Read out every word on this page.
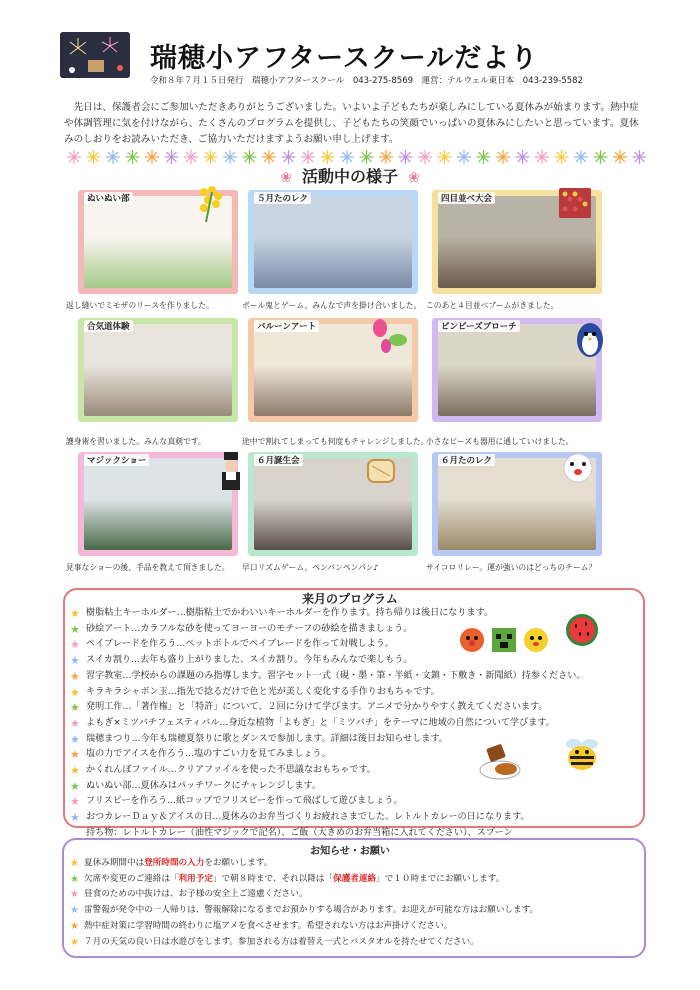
瑞穂小アフタースクールだより
令和８年７月１５日発行　瑞穂小アフタースクール　043-275-8569　運営：テルウェル東日本　043-239-5582
　先日は、保護者会にご参加いただきありがとうございました。いよいよ子どもたちが楽しみにしている夏休みが始まります。熱中症や体調管理に気を付けながら、たくさんのプログラムを提供し、子どもたちの笑顔でいっぱいの夏休みにしたいと思っています。夏休みのしおりをお読みいただき、ご協力いただけますようお願い申し上げます。
❀ 活動中の様子 ❀
ぬいぬい部
返し縫いでミモザのリースを作りました。
５月たのレク
ボール鬼とゲーム。みんなで声を掛け合いました。
四目並べ大会
このあと４目並べブームがきました。
合気道体験
護身術を習いました。みんな真剣です。
バルーンアート
途中で割れてしまっても何度もチャレンジしました。
ビンビーズブローチ
小さなビーズも器用に通していけました。
マジックショー
見事なショーの後、手品を教えて頂きました。
６月誕生会
早口リズムゲーム。ペンパンペンパン♪
６月たのレク
サイコロリレー。運が強いのはどっちのチーム？
来月のプログラム
★ 樹脂粘土キーホルダー…樹脂粘土でかわいいキーホルダーを作ります。持ち帰りは後日になります。
★ 砂絵アート…カラフルな砂を使ってヨーヨーのモチーフの砂絵を描きましょう。
★ ペイブレードを作ろう…ペットボトルでペイブレードを作って対戦しよう。
★ スイカ割り…去年も盛り上がりました、スイカ割り。今年もみんなで楽しもう。
★ 習字教室…学校からの課題のみ指導します。習字セット一式（硯・墨・筆・半紙・文鎮・下敷き・新聞紙）持参ください。
★ キラキラシャボン玉…指先で捻るだけで色と光が美しく変化する手作りおもちゃです。
★ 発明工作…「著作権」と「特許」について、２回に分けて学びます。アニメで分かりやすく教えてくださいます。
★ よもぎ×ミツバチフェスティバル…身近な植物「よもぎ」と「ミツバチ」をテーマに地域の自然について学びます。
★ 瑞穂まつり…今年も瑞穂夏祭りに歌とダンスで参加します。詳細は後日お知らせします。
★ 塩の力でアイスを作ろう…塩のすごい力を見てみましょう。
★ かくれんぼファイル…クリアファイルを使った不思議なおもちゃです。
★ ぬいぬい部…夏休みはパッチワークにチャレンジします。
★ フリスビーを作ろう…紙コップでフリスビーを作って飛ばして遊びましょう。
★ おつカレーＤａｙ＆アイスの日…夏休みのお弁当づくりお疲れさまでした。レトルトカレーの日になります。
持ち物：レトルトカレー（油性マジックで記名）、ご飯（大きめのお弁当箱に入れてください）、スプーン
お知らせ・お願い
★ 夏休み期間中は登所時間の入力をお願いします。
★ 欠席や変更のご連絡は「利用予定」で朝８時まで、それ以降は「保護者連絡」で１０時までにお願いします。
★ 昼食のための中抜けは、お子様の安全上ご遠慮ください。
★ 雷警報が発令中の一人帰りは、警報解除になるまでお預かりする場合があります。お迎えが可能な方はお願いします。
★ 熱中症対策に学習時間の終わりに塩アメを食べさせます。希望されない方はお声掛けください。
★ ７月の天気の良い日は水遊びをします。参加される方は着替え一式とバスタオルを持たせてください。
